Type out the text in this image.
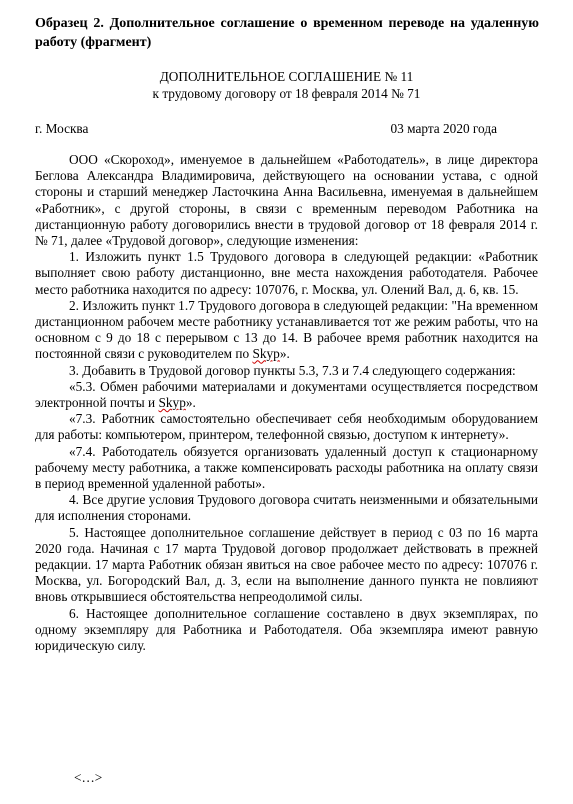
Образец 2. Дополнительное соглашение о временном переводе на удаленную работу (фрагмент)
ДОПОЛНИТЕЛЬНОЕ СОГЛАШЕНИЕ № 11
к трудовому договору от 18 февраля 2014 № 71
г. Москва	03 марта 2020 года

ООО «Скороход», именуемое в дальнейшем «Работодатель», в лице директора Беглова Александра Владимировича, действующего на основании устава, с одной стороны и старший менеджер Ласточкина Анна Васильевна, именуемая в дальнейшем «Работник», с другой стороны, в связи с временным переводом Работника на дистанционную работу договорились внести в трудовой договор от 18 февраля 2014 г. № 71, далее «Трудовой договор», следующие изменения:

1. Изложить пункт 1.5 Трудового договора в следующей редакции: «Работник выполняет свою работу дистанционно, вне места нахождения работодателя. Рабочее место работника находится по адресу: 107076, г. Москва, ул. Олений Вал, д. 6, кв. 15.

2. Изложить пункт 1.7 Трудового договора в следующей редакции: "На временном дистанционном рабочем месте работнику устанавливается тот же режим работы, что на основном с 9 до 18 с перерывом с 13 до 14. В рабочее время работник находится на постоянной связи с руководителем по Skyp».

3. Добавить в Трудовой договор пункты 5.3, 7.3 и 7.4 следующего содержания:

«5.3. Обмен рабочими материалами и документами осуществляется посредством электронной почты и Skyp».

«7.3. Работник самостоятельно обеспечивает себя необходимым оборудованием для работы: компьютером, принтером, телефонной связью, доступом к интернету».

«7.4. Работодатель обязуется организовать удаленный доступ к стационарному рабочему месту работника, а также компенсировать расходы работника на оплату связи в период временной удаленной работы».

4. Все другие условия Трудового договора считать неизменными и обязательными для исполнения сторонами.

5. Настоящее дополнительное соглашение действует в период с 03 по 16 марта 2020 года. Начиная с 17 марта Трудовой договор продолжает действовать в прежней редакции. 17 марта Работник обязан явиться на свое рабочее место по адресу: 107076 г. Москва, ул. Богородский Вал, д. 3, если на выполнение данного пункта не повлияют вновь открывшиеся обстоятельства непреодолимой силы.

6. Настоящее дополнительное соглашение составлено в двух экземплярах, по одному экземпляру для Работника и Работодателя. Оба экземпляра имеют равную юридическую силу.

<…>
